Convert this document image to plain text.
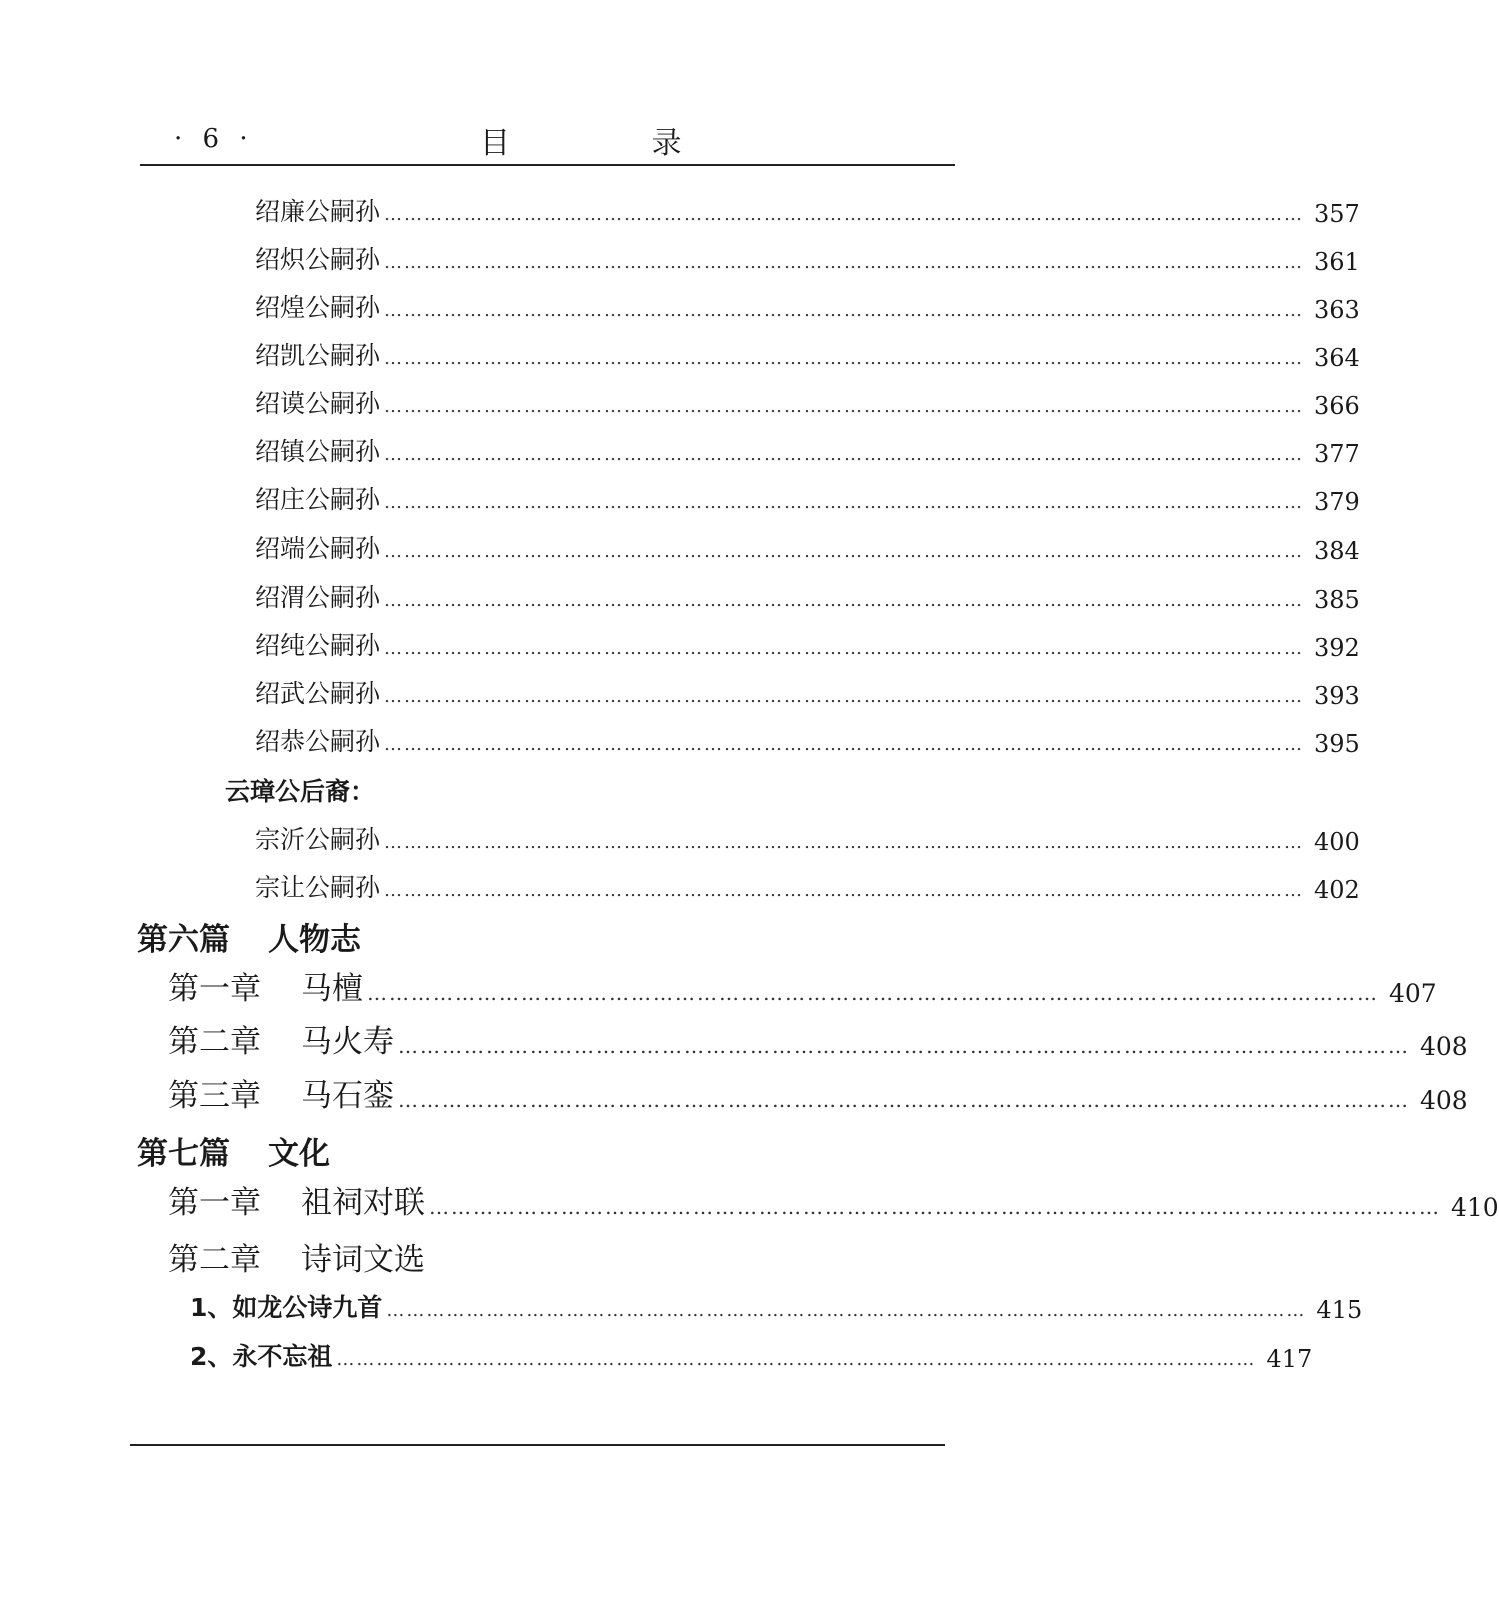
· 6 ·	目 录
绍廉公嗣孙 ………………………………………………………………………………………………………………………… 357
绍炽公嗣孙 ………………………………………………………………………………………………………………………… 361
绍煌公嗣孙 ………………………………………………………………………………………………………………………… 363
绍凯公嗣孙 ………………………………………………………………………………………………………………………… 364
绍谟公嗣孙 ………………………………………………………………………………………………………………………… 366
绍镇公嗣孙 ………………………………………………………………………………………………………………………… 377
绍庄公嗣孙 ………………………………………………………………………………………………………………………… 379
绍端公嗣孙 ………………………………………………………………………………………………………………………… 384
绍渭公嗣孙 ………………………………………………………………………………………………………………………… 385
绍纯公嗣孙 ………………………………………………………………………………………………………………………… 392
绍武公嗣孙 ………………………………………………………………………………………………………………………… 393
绍恭公嗣孙 ………………………………………………………………………………………………………………………… 395
云璋公后裔：
宗沂公嗣孙 ………………………………………………………………………………………………………………………… 400
宗让公嗣孙 ………………………………………………………………………………………………………………………… 402
第六篇 人物志
第一章 马檀 ………………………………………………………………………………………………………………………… 407
第二章 马火寿 ………………………………………………………………………………………………………………………… 408
第三章 马石銮 ………………………………………………………………………………………………………………………… 408
第七篇 文化
第一章 祖祠对联 ………………………………………………………………………………………………………………………… 410
第二章 诗词文选
1、如龙公诗九首 ………………………………………………………………………………………………………………………… 415
2、永不忘祖 ………………………………………………………………………………………………………………………… 417
